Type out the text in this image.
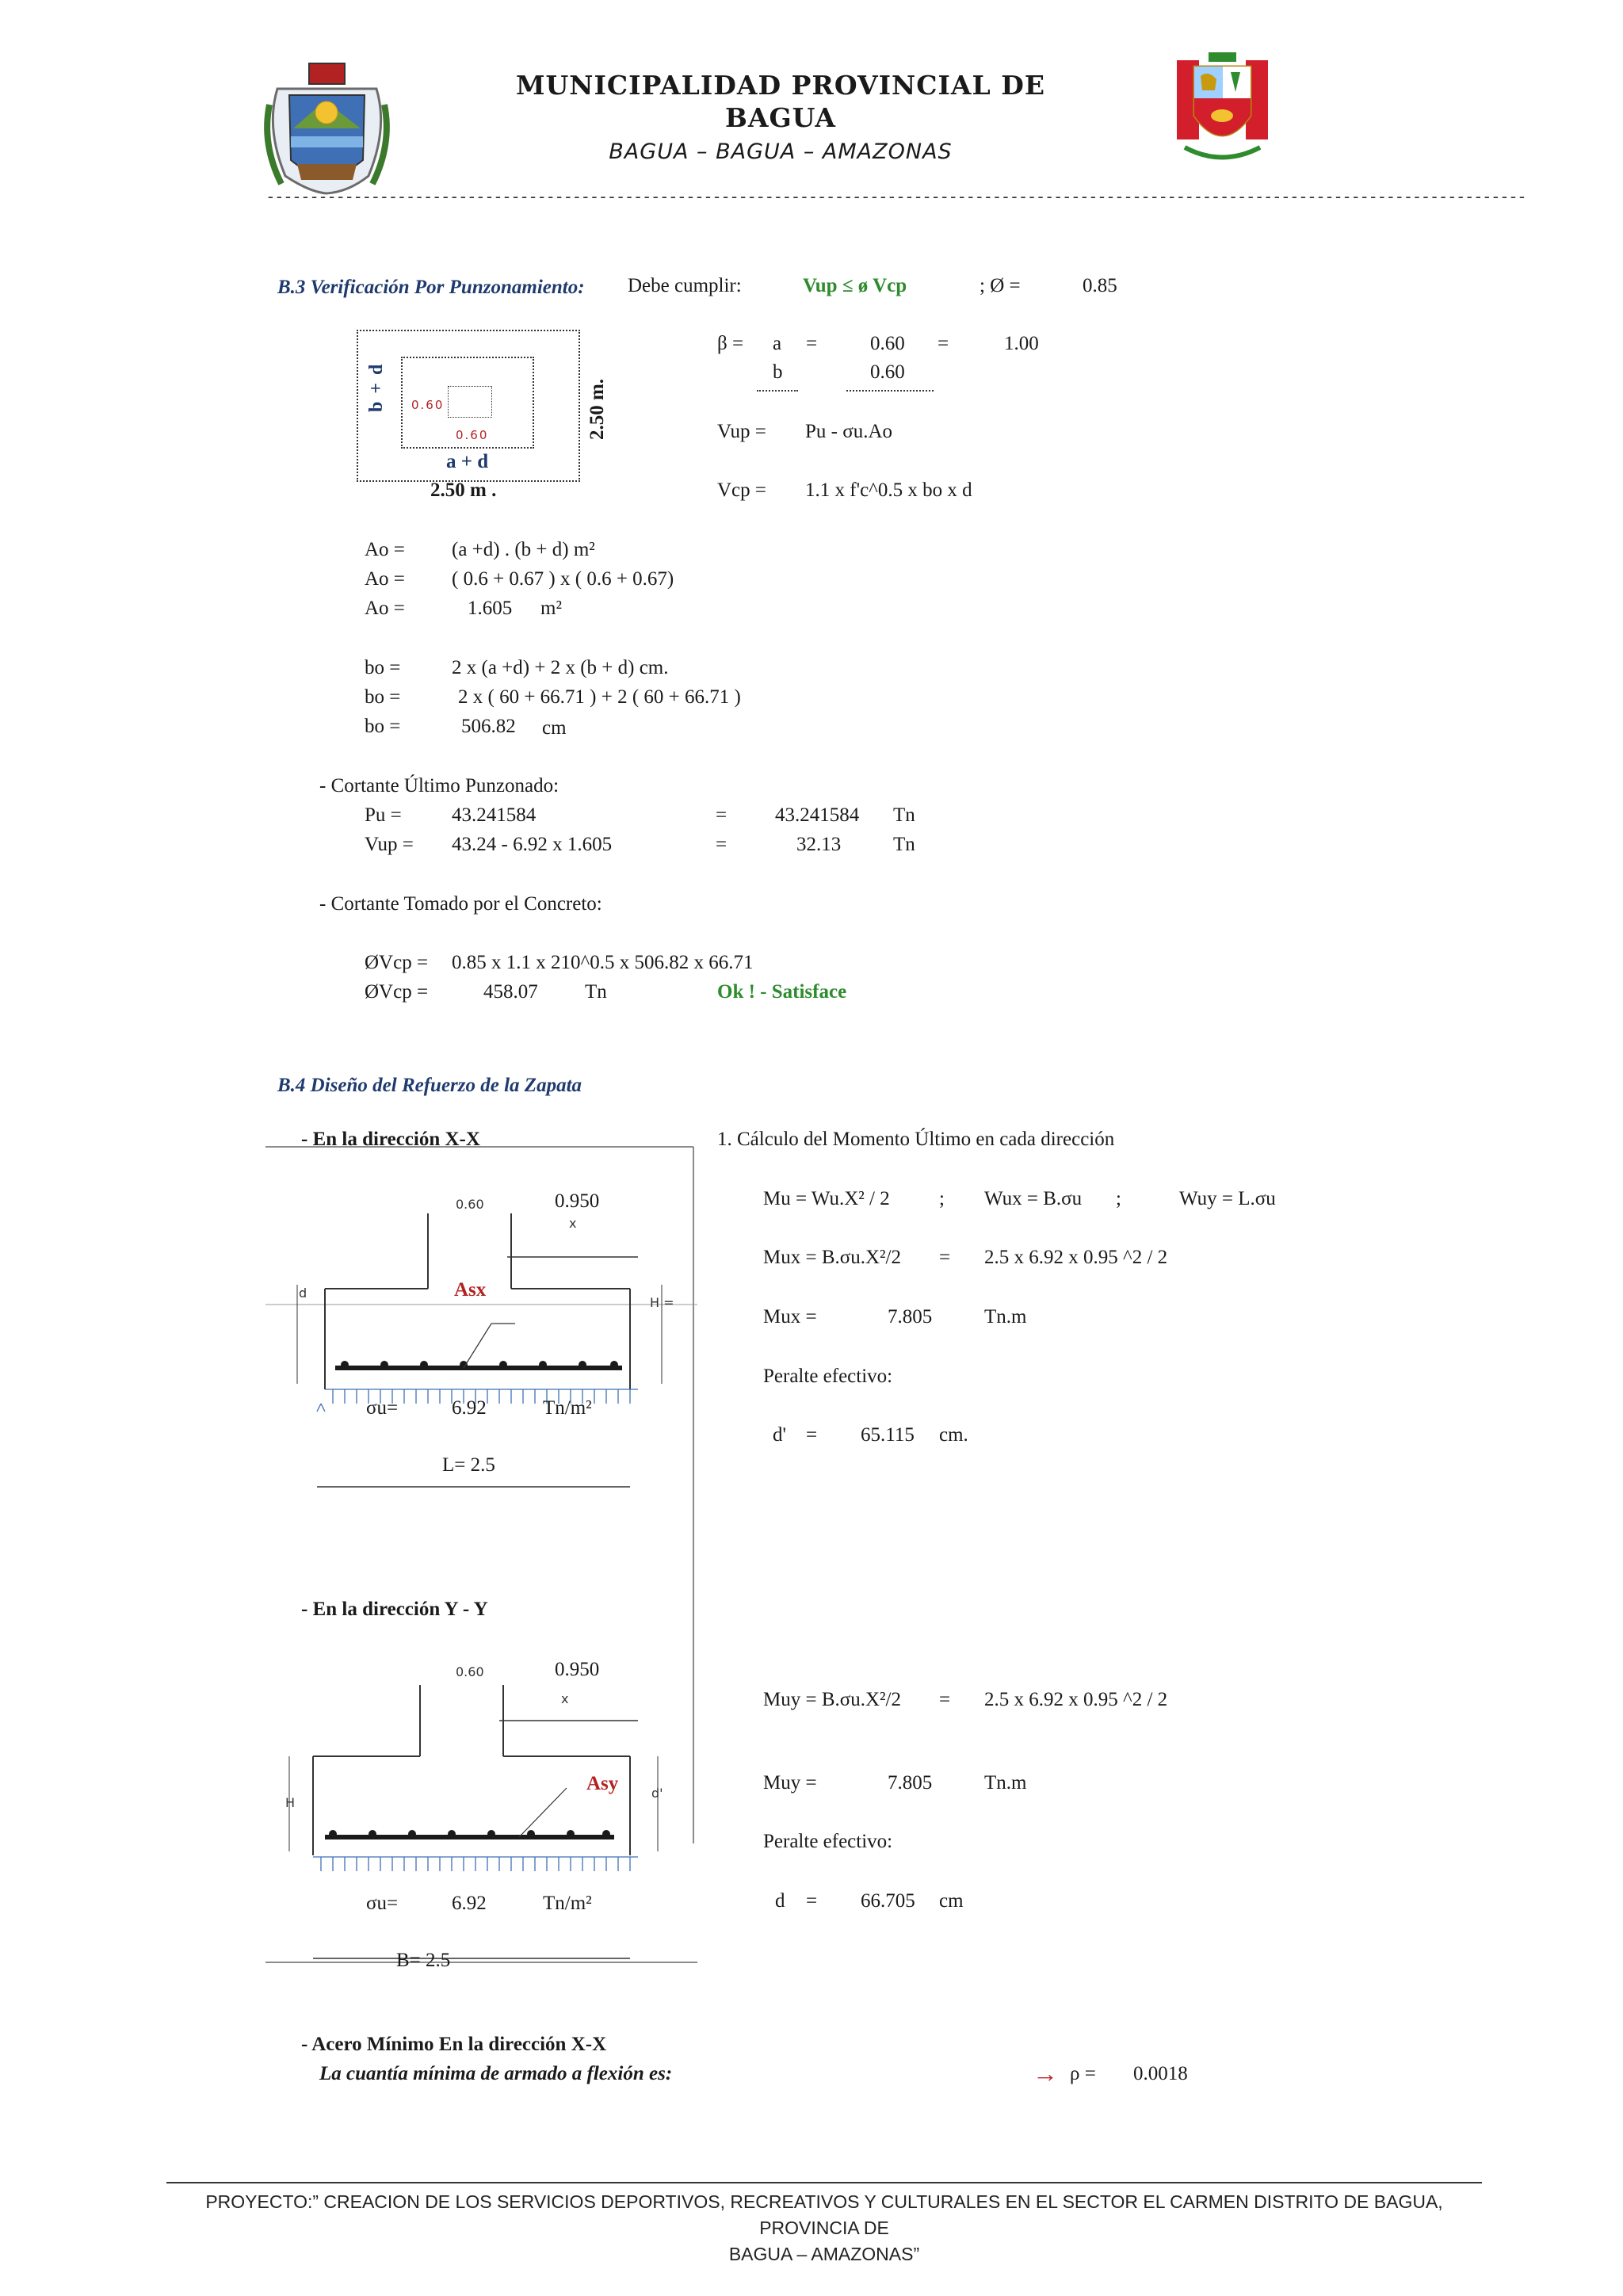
MUNICIPALIDAD PROVINCIAL DE
BAGUA
BAGUA – BAGUA – AMAZONAS
------------------------------------------------------------------------------------------------------------------------------------------------
B.3 Verificación Por Punzonamiento: Debe cumplir:	Vup ≤ ø Vcp	; Ø =	0.85
b + d 0.60
0.60
a + d
2.50 m .
2.50 m.
β = a =	0.60 =	1.00
b	0.60
Vup = Pu - σu.Ao
Vcp = 1.1 x f'c^0.5 x bo x d
Ao = (a +d) . (b + d) m²
Ao = ( 0.6 + 0.67 ) x ( 0.6 + 0.67)
Ao =	1.605 m²
bo =	2 x (a +d) + 2 x (b + d) cm.
bo =	2 x ( 60 + 66.71 ) + 2 ( 60 + 66.71 )
bo =	506.82 cm
- Cortante Último Punzonado:
Pu =	43.241584	= 43.241584 Tn
Vup = 43.24 - 6.92 x 1.605	=	32.13	Tn
- Cortante Tomado por el Concreto:
ØVcp = 0.85 x 1.1 x 210^0.5 x 506.82 x 66.71
ØVcp =	458.07 Tn	Ok ! - Satisface
B.4 Diseño del Refuerzo de la Zapata
- En la dirección X-X
0.60	0.950
x
Asx
d
H =
σu=	6.92	Tn/m²
L= 2.5
1. Cálculo del Momento Último en cada dirección
Mu = Wu.X² / 2 ; Wux = B.σu ;	Wuy = L.σu
Mux = B.σu.X²/2 = 2.5 x 6.92 x 0.95 ^2 / 2
Mux =	7.805	Tn.m
Peralte efectivo:
d' = 65.115 cm.
- En la dirección Y - Y
0.60	0.950
x
Asy
H
d'
σu=	6.92	Tn/m²
B= 2.5
Muy = B.σu.X²/2 = 2.5 x 6.92 x 0.95 ^2 / 2
Muy =	7.805	Tn.m
Peralte efectivo:
d = 66.705 cm
- Acero Mínimo En la dirección X-X
La cuantía mínima de armado a flexión es:	→ ρ = 0.0018
PROYECTO:” CREACION DE LOS SERVICIOS DEPORTIVOS, RECREATIVOS Y CULTURALES EN EL SECTOR EL CARMEN DISTRITO DE BAGUA, PROVINCIA DE
BAGUA – AMAZONAS”
